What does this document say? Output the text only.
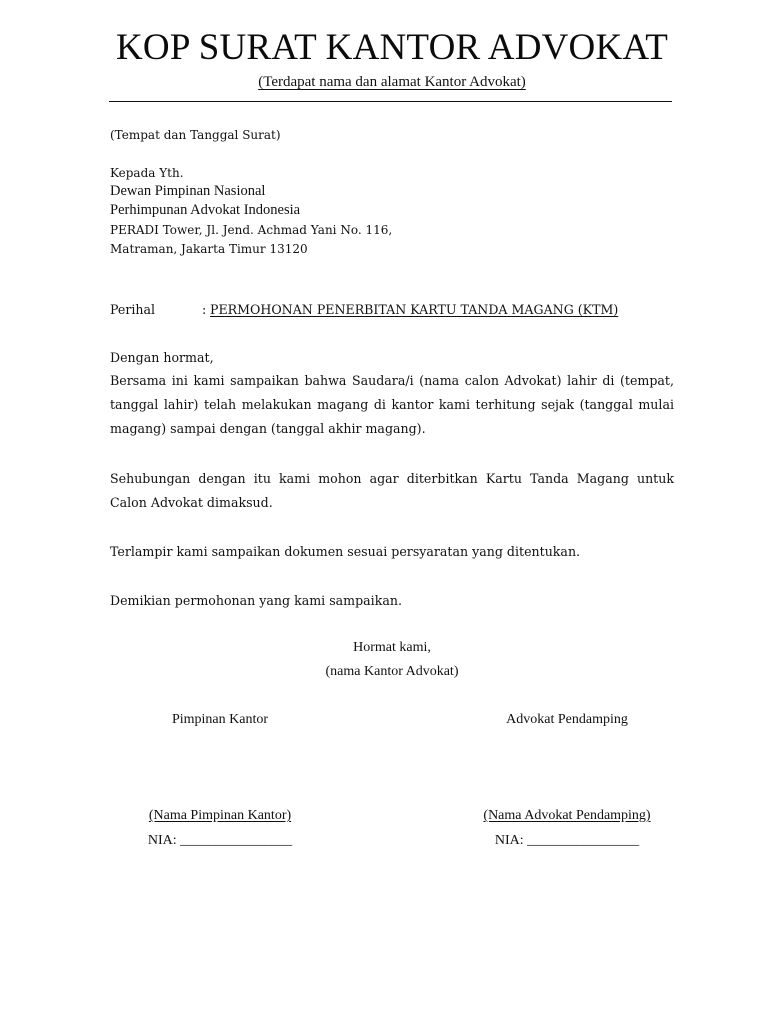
KOP SURAT KANTOR ADVOKAT
(Terdapat nama dan alamat Kantor Advokat)
(Tempat dan Tanggal Surat)
Kepada Yth.
Dewan Pimpinan Nasional
Perhimpunan Advokat Indonesia
PERADI Tower, Jl. Jend. Achmad Yani No. 116,
Matraman, Jakarta Timur 13120
Perihal	: PERMOHONAN PENERBITAN KARTU TANDA MAGANG (KTM)
Dengan hormat,
Bersama ini kami sampaikan bahwa Saudara/i (nama calon Advokat) lahir di (tempat, tanggal lahir) telah melakukan magang di kantor kami terhitung sejak (tanggal mulai magang) sampai dengan (tanggal akhir magang).
Sehubungan dengan itu kami mohon agar diterbitkan Kartu Tanda Magang untuk Calon Advokat dimaksud.
Terlampir kami sampaikan dokumen sesuai persyaratan yang ditentukan.
Demikian permohonan yang kami sampaikan.
Hormat kami,
(nama Kantor Advokat)
Pimpinan Kantor	Advokat Pendamping
(Nama Pimpinan Kantor)	(Nama Advokat Pendamping)
NIA: ________________	NIA: ________________
